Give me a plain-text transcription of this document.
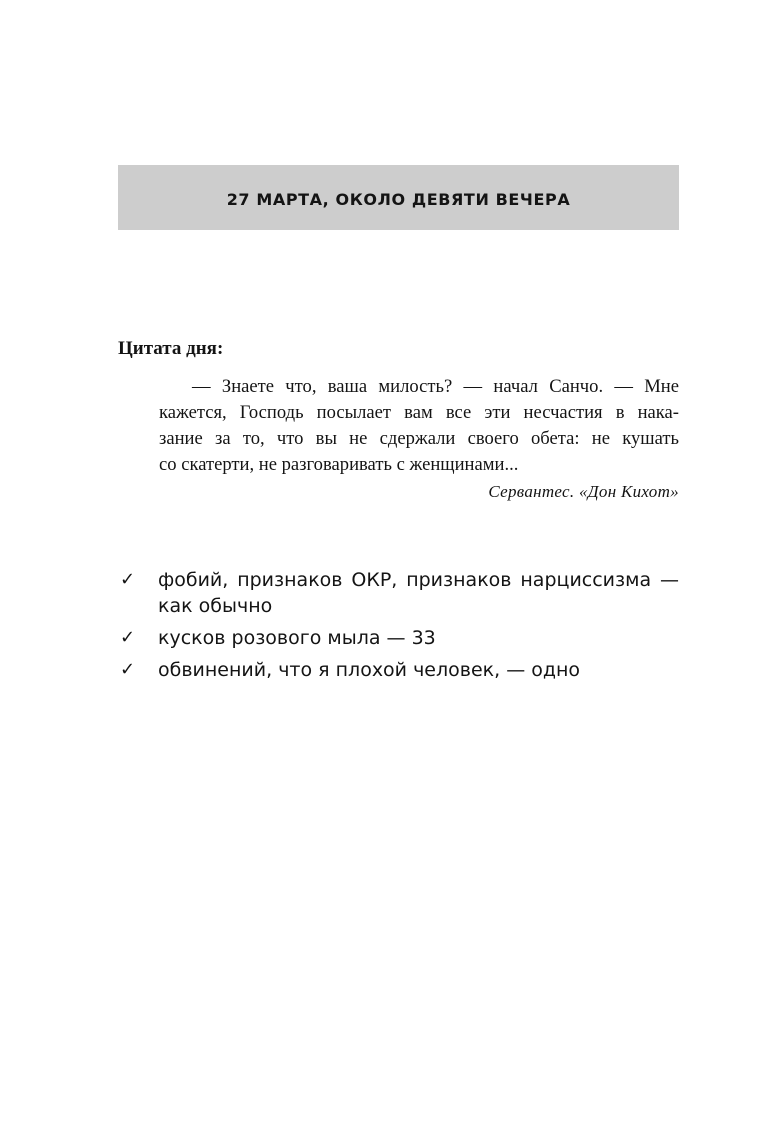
27 МАРТА, ОКОЛО ДЕВЯТИ ВЕЧЕРА
Цитата дня:
— Знаете что, ваша милость? — начал Санчо. — Мне
кажется, Господь посылает вам все эти несчастия в нака-
зание за то, что вы не сдержали своего обета: не кушать
со скатерти, не разговаривать с женщинами...
Сервантес. «Дон Кихот»
✓ фобий, признаков ОКР, признаков нарциссизма —
как обычно
✓ кусков розового мыла — 33
✓ обвинений, что я плохой человек, — одно
